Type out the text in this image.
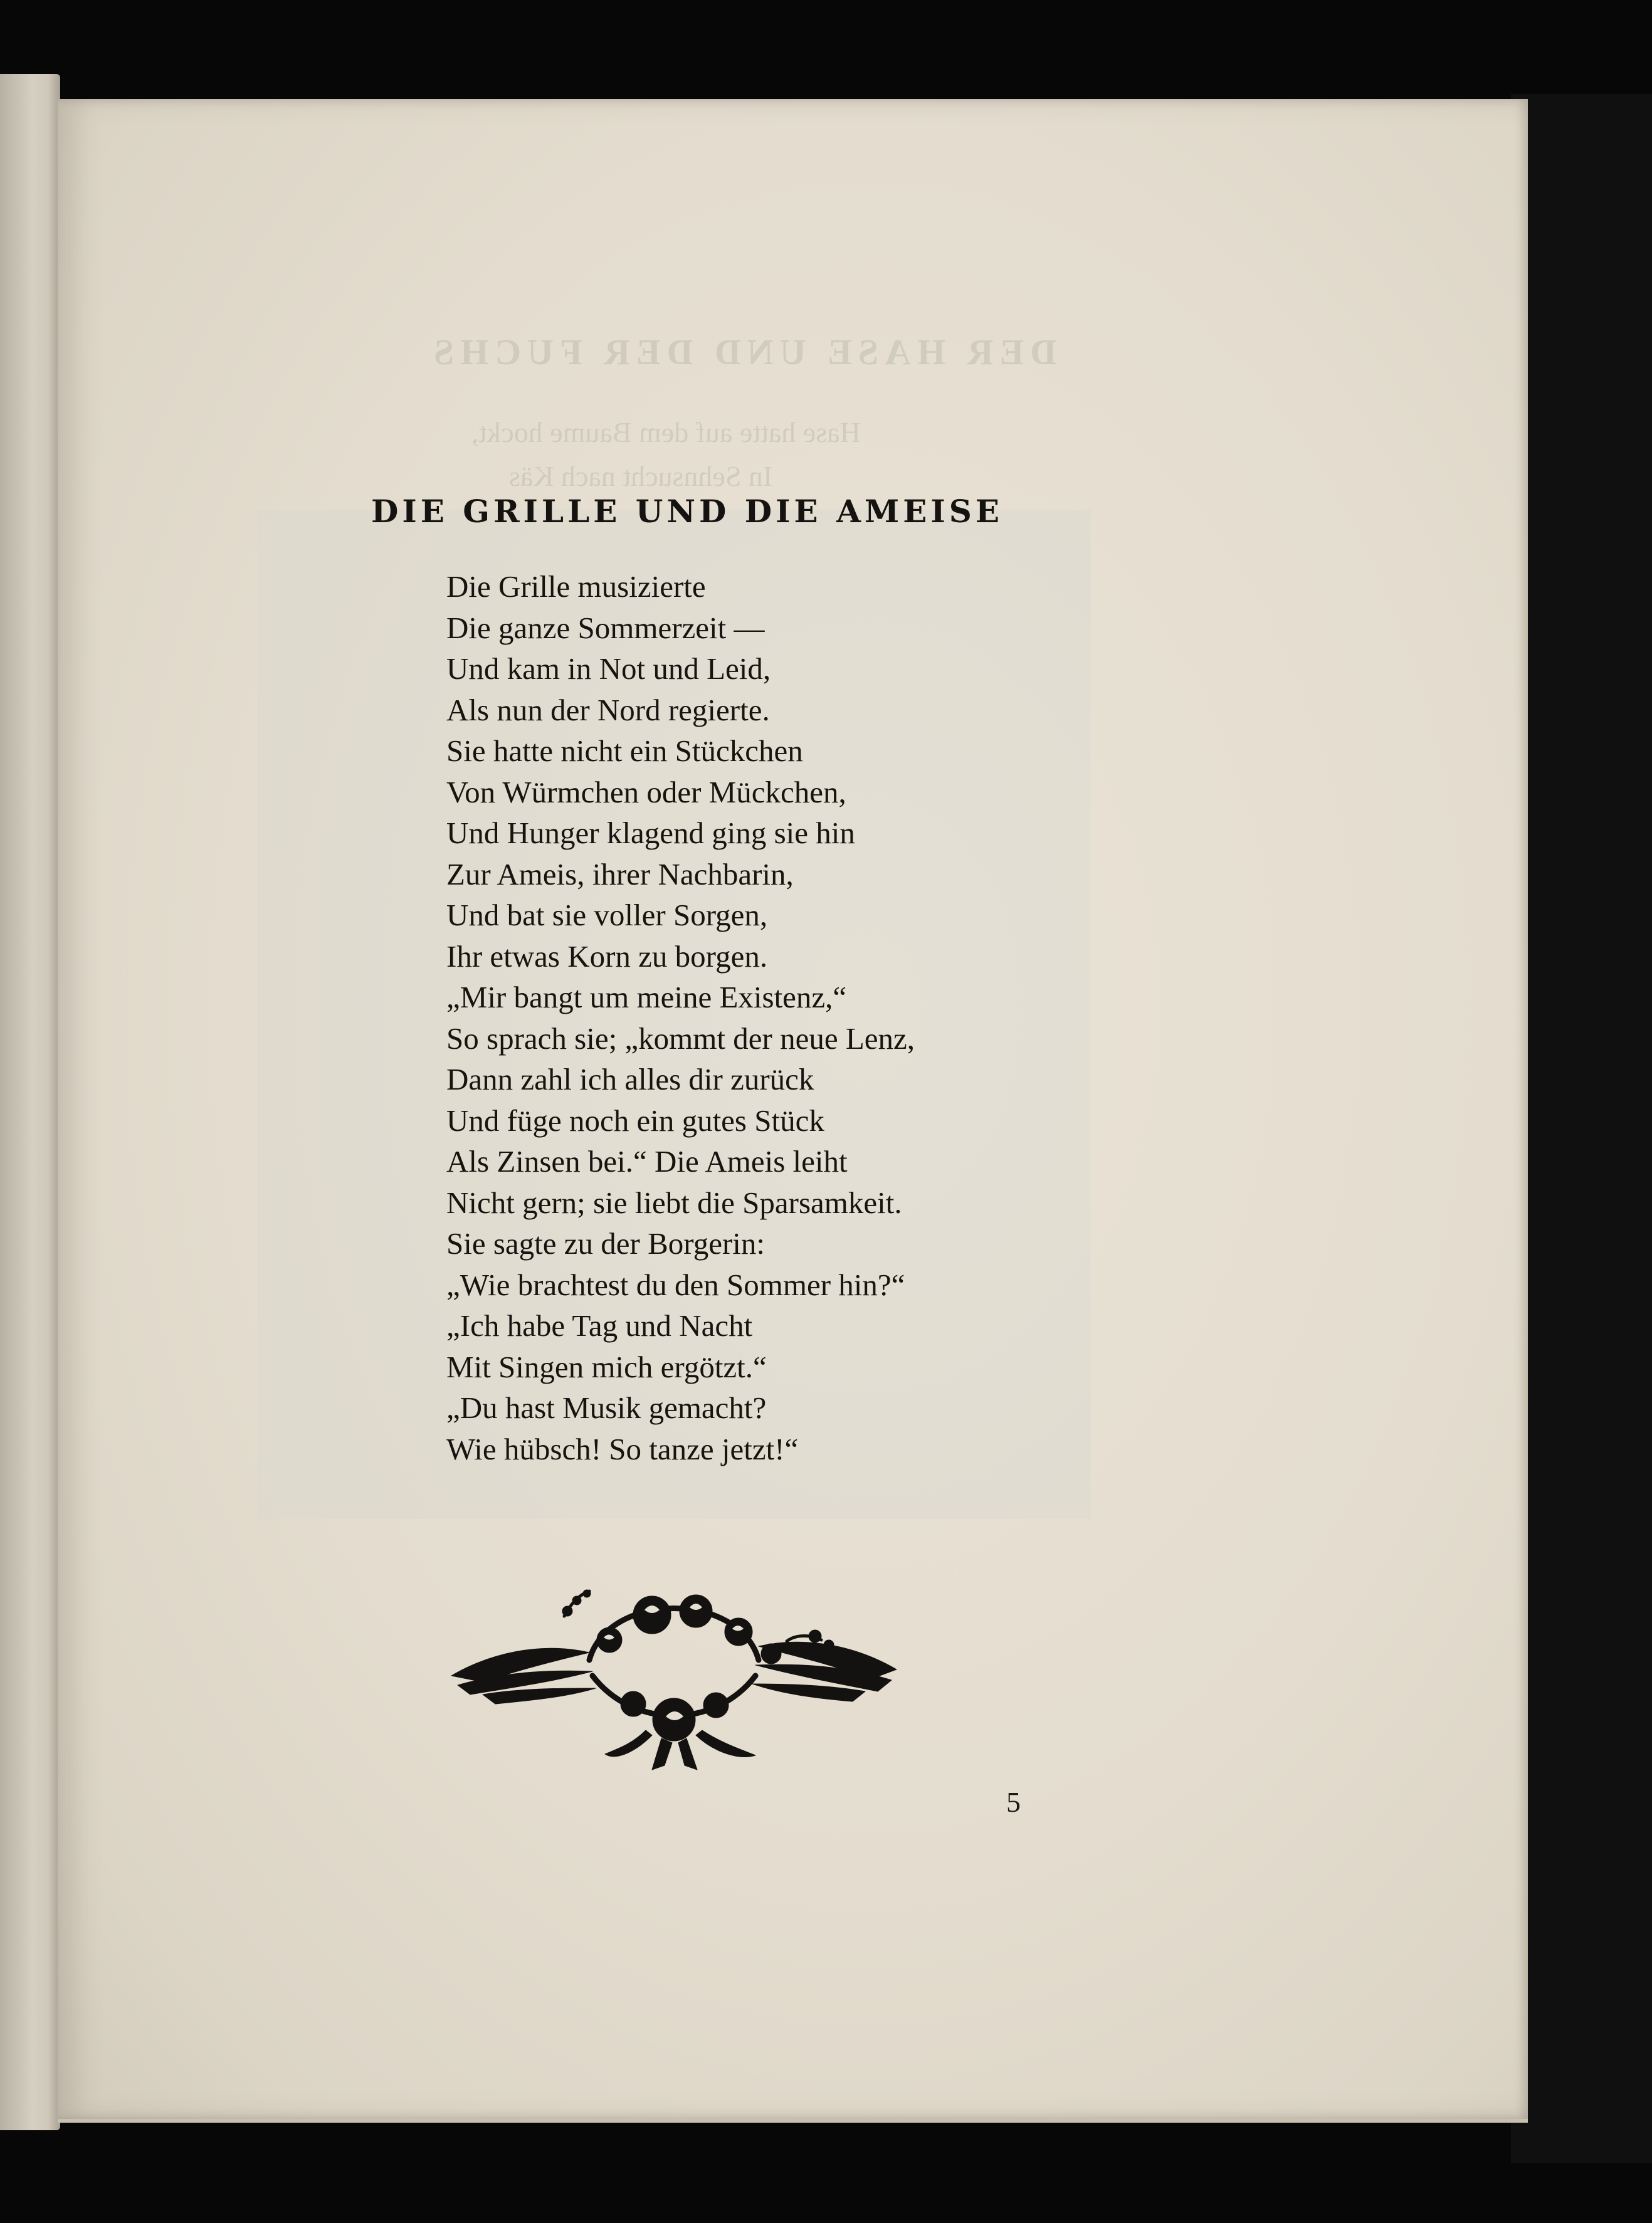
DER HASE UND DER FUCHS
Hase hatte auf dem Baume hockt,
In Sehnsucht nach Käs
DIE GRILLE UND DIE AMEISE
Die Grille musizierte
Die ganze Sommerzeit —
Und kam in Not und Leid,
Als nun der Nord regierte.
Sie hatte nicht ein Stückchen
Von Würmchen oder Mückchen,
Und Hunger klagend ging sie hin
Zur Ameis, ihrer Nachbarin,
Und bat sie voller Sorgen,
Ihr etwas Korn zu borgen.
„Mir bangt um meine Existenz,“
So sprach sie; „kommt der neue Lenz,
Dann zahl ich alles dir zurück
Und füge noch ein gutes Stück
Als Zinsen bei.“ Die Ameis leiht
Nicht gern; sie liebt die Sparsamkeit.
Sie sagte zu der Borgerin:
„Wie brachtest du den Sommer hin?“
„Ich habe Tag und Nacht
Mit Singen mich ergötzt.“
„Du hast Musik gemacht?
Wie hübsch! So tanze jetzt!“
5
